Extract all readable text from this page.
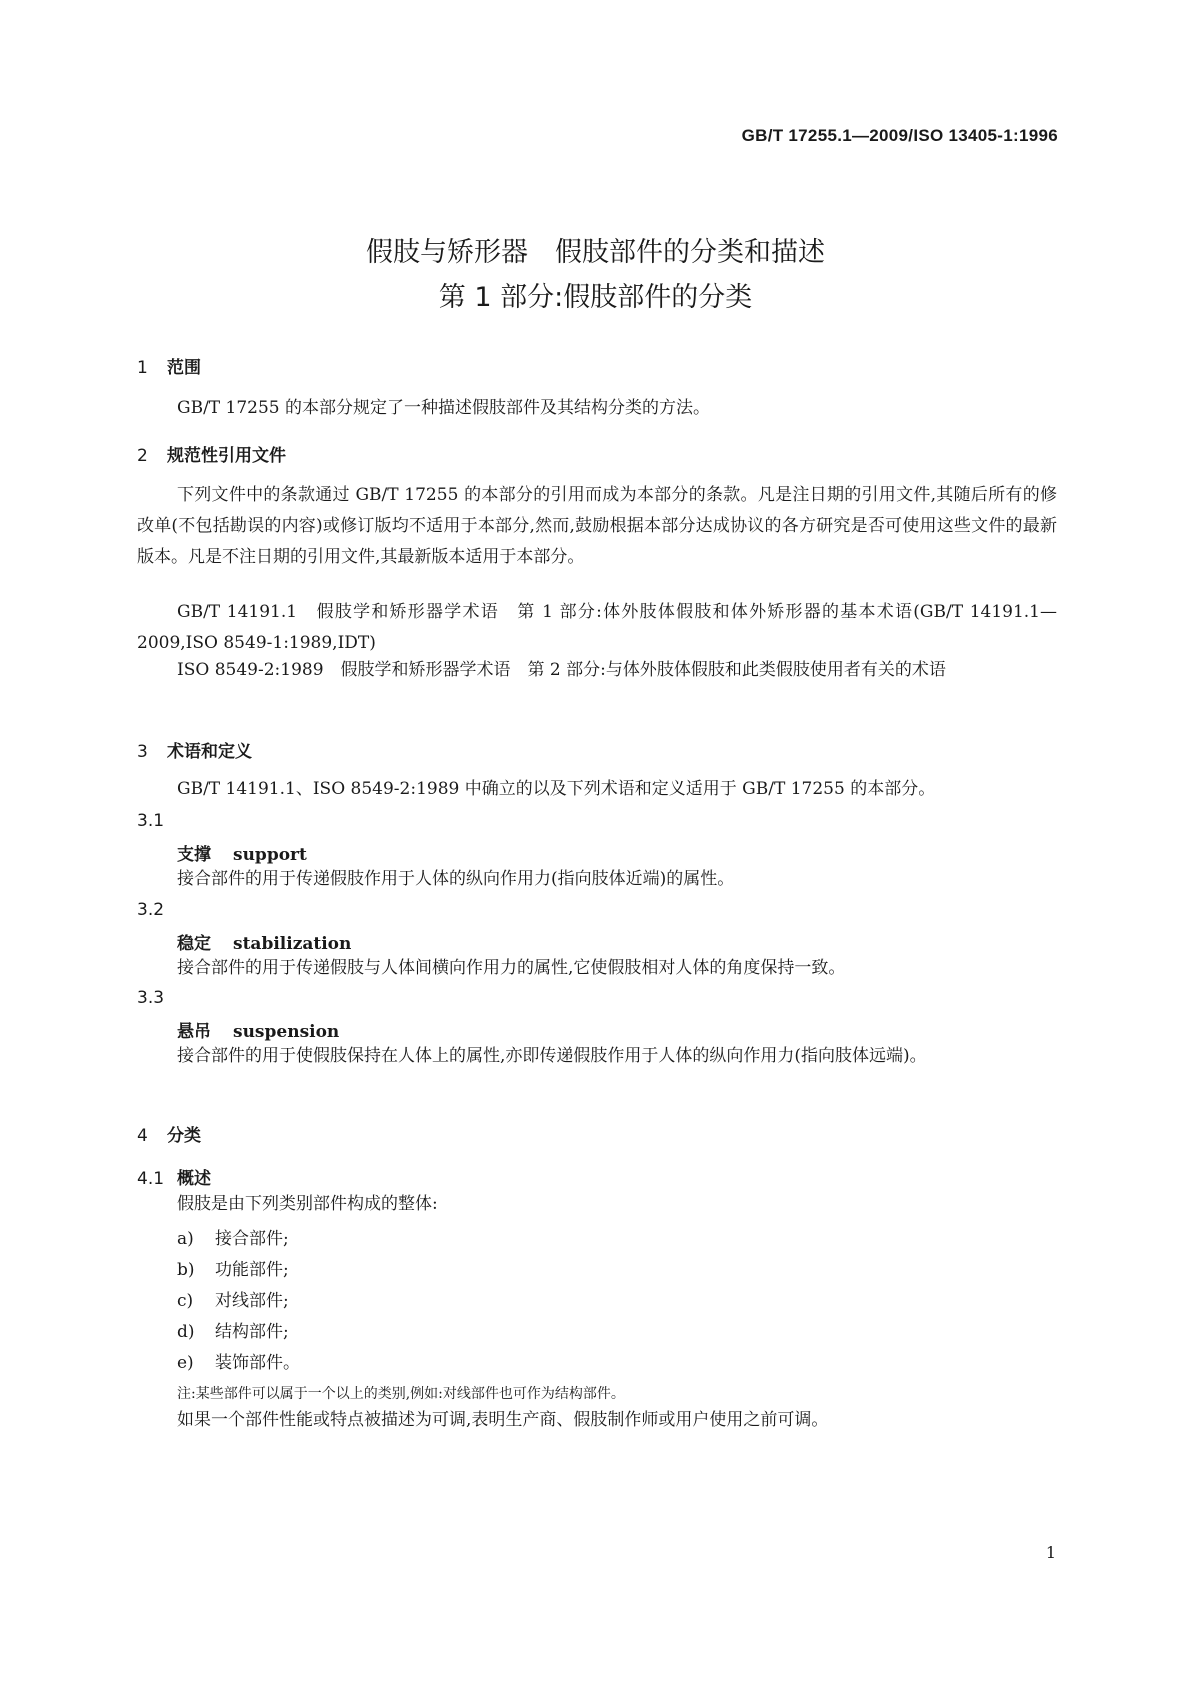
GB/T 17255.1—2009/ISO 13405-1:1996
假肢与矫形器　假肢部件的分类和描述
第 1 部分:假肢部件的分类
1 范围
GB/T 17255 的本部分规定了一种描述假肢部件及其结构分类的方法。
2 规范性引用文件
下列文件中的条款通过 GB/T 17255 的本部分的引用而成为本部分的条款。凡是注日期的引用文件,其随后所有的修改单(不包括勘误的内容)或修订版均不适用于本部分,然而,鼓励根据本部分达成协议的各方研究是否可使用这些文件的最新版本。凡是不注日期的引用文件,其最新版本适用于本部分。
GB/T 14191.1　假肢学和矫形器学术语　第 1 部分:体外肢体假肢和体外矫形器的基本术语(GB/T 14191.1—2009,ISO 8549-1:1989,IDT)
ISO 8549-2:1989　假肢学和矫形器学术语　第 2 部分:与体外肢体假肢和此类假肢使用者有关的术语
3 术语和定义
GB/T 14191.1、ISO 8549-2:1989 中确立的以及下列术语和定义适用于 GB/T 17255 的本部分。
3.1
支撑 support
接合部件的用于传递假肢作用于人体的纵向作用力(指向肢体近端)的属性。
3.2
稳定 stabilization
接合部件的用于传递假肢与人体间横向作用力的属性,它使假肢相对人体的角度保持一致。
3.3
悬吊 suspension
接合部件的用于使假肢保持在人体上的属性,亦即传递假肢作用于人体的纵向作用力(指向肢体远端)。
4 分类
4.1 概述
假肢是由下列类别部件构成的整体:
a) 接合部件;
b) 功能部件;
c) 对线部件;
d) 结构部件;
e) 装饰部件。
注:某些部件可以属于一个以上的类别,例如:对线部件也可作为结构部件。
如果一个部件性能或特点被描述为可调,表明生产商、假肢制作师或用户使用之前可调。
1
